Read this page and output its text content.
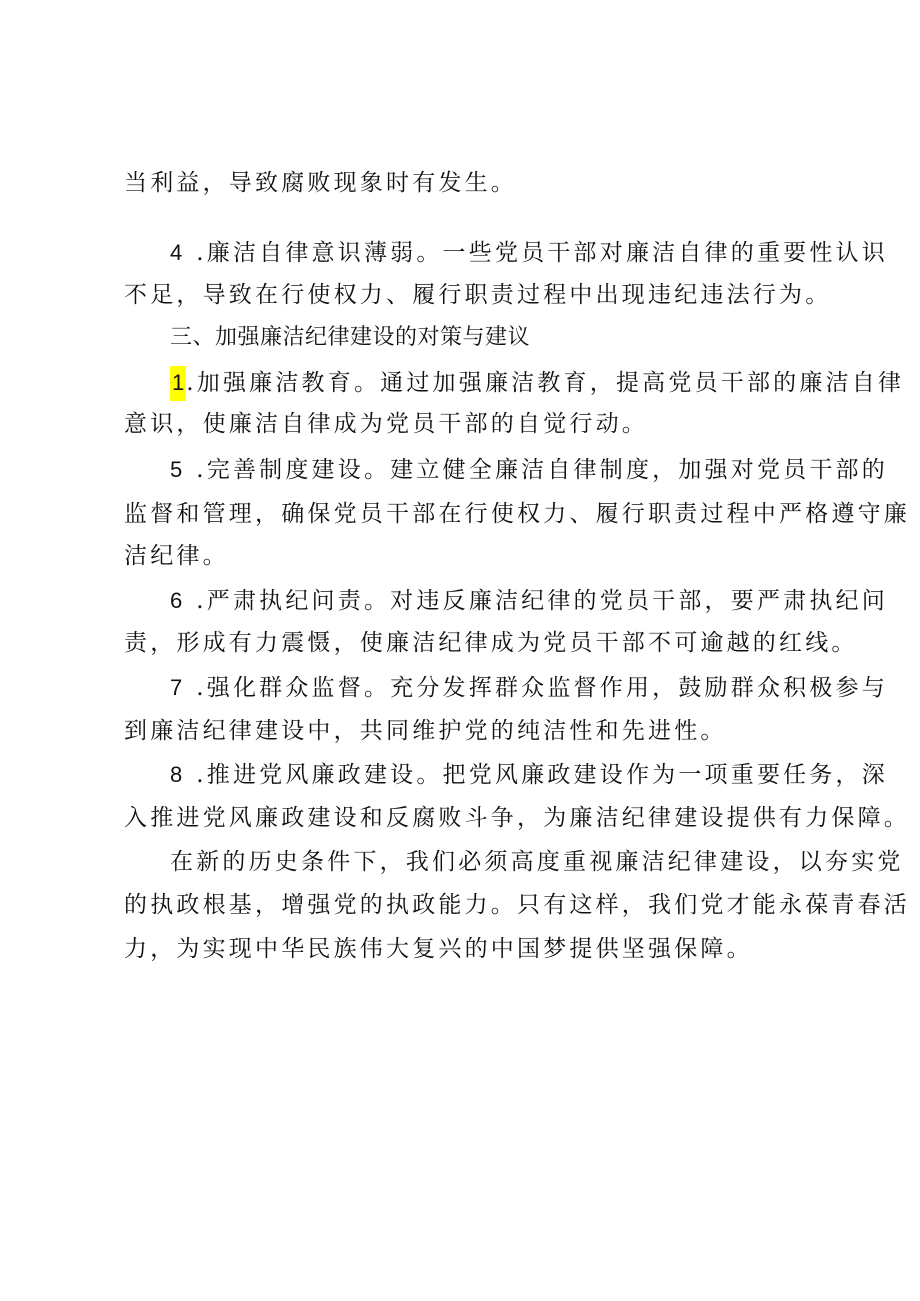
当利益，导致腐败现象时有发生。
4 .廉洁自律意识薄弱。一些党员干部对廉洁自律的重要性认识
不足，导致在行使权力、履行职责过程中出现违纪违法行为。
三、加强廉洁纪律建设的对策与建议
1.加强廉洁教育。通过加强廉洁教育，提高党员干部的廉洁自律
意识，使廉洁自律成为党员干部的自觉行动。
5 .完善制度建设。建立健全廉洁自律制度，加强对党员干部的
监督和管理，确保党员干部在行使权力、履行职责过程中严格遵守廉
洁纪律。
6 .严肃执纪问责。对违反廉洁纪律的党员干部，要严肃执纪问
责，形成有力震慑，使廉洁纪律成为党员干部不可逾越的红线。
7 .强化群众监督。充分发挥群众监督作用，鼓励群众积极参与
到廉洁纪律建设中，共同维护党的纯洁性和先进性。
8 .推进党风廉政建设。把党风廉政建设作为一项重要任务，深
入推进党风廉政建设和反腐败斗争，为廉洁纪律建设提供有力保障。
在新的历史条件下，我们必须高度重视廉洁纪律建设，以夯实党
的执政根基，增强党的执政能力。只有这样，我们党才能永葆青春活
力，为实现中华民族伟大复兴的中国梦提供坚强保障。
